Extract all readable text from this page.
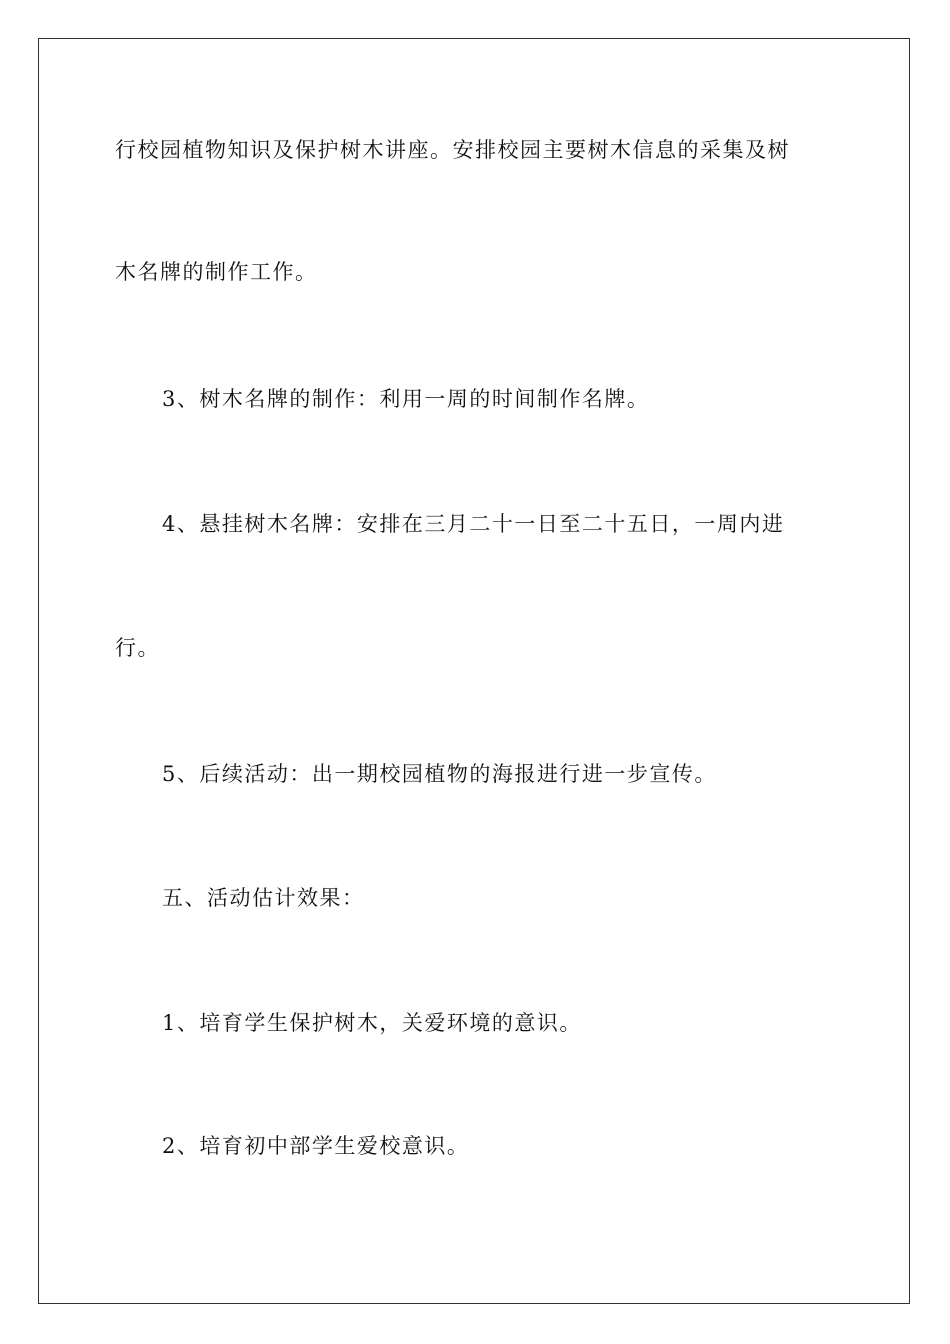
行校园植物知识及保护树木讲座。安排校园主要树木信息的采集及树
木名牌的制作工作。
3、树木名牌的制作：利用一周的时间制作名牌。
4、悬挂树木名牌：安排在三月二十一日至二十五日，一周内进
行。
5、后续活动：出一期校园植物的海报进行进一步宣传。
五、活动估计效果：
1、培育学生保护树木，关爱环境的意识。
2、培育初中部学生爱校意识。
